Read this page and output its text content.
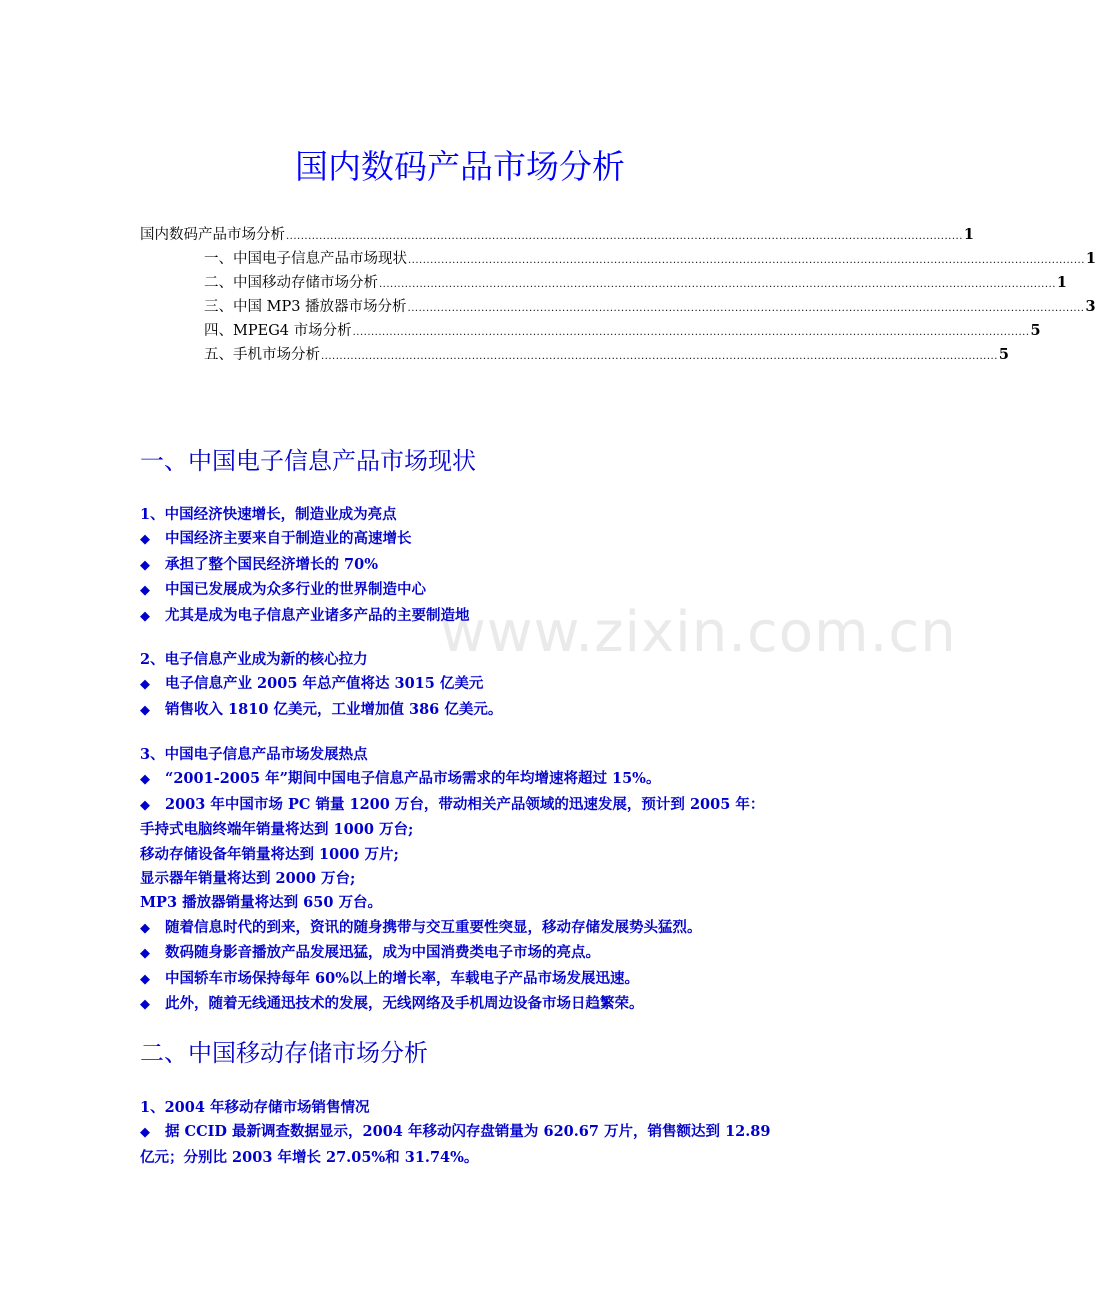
www.zixin.com.cn
国内数码产品市场分析
国内数码产品市场分析 ........................................................................................................................................................................................ 1
一、中国电子信息产品市场现状 ........................................................................................................................................................................................ 1
二、中国移动存储市场分析 ........................................................................................................................................................................................ 1
三、中国 MP3 播放器市场分析 ........................................................................................................................................................................................ 3
四、MPEG4 市场分析 ........................................................................................................................................................................................ 5
五、手机市场分析 ........................................................................................................................................................................................ 5
一、中国电子信息产品市场现状
1、中国经济快速增长，制造业成为亮点
◆ 中国经济主要来自于制造业的高速增长
◆ 承担了整个国民经济增长的 70%
◆ 中国已发展成为众多行业的世界制造中心
◆ 尤其是成为电子信息产业诸多产品的主要制造地
2、电子信息产业成为新的核心拉力
◆ 电子信息产业 2005 年总产值将达 3015 亿美元
◆ 销售收入 1810 亿美元，工业增加值 386 亿美元。
3、中国电子信息产品市场发展热点
◆ “2001-2005 年”期间中国电子信息产品市场需求的年均增速将超过 15%。
◆ 2003 年中国市场 PC 销量 1200 万台，带动相关产品领域的迅速发展，预计到 2005 年：
手持式电脑终端年销量将达到 1000 万台;
移动存储设备年销量将达到 1000 万片;
显示器年销量将达到 2000 万台;
MP3 播放器销量将达到 650 万台。
◆ 随着信息时代的到来，资讯的随身携带与交互重要性突显，移动存储发展势头猛烈。
◆ 数码随身影音播放产品发展迅猛，成为中国消费类电子市场的亮点。
◆ 中国轿车市场保持每年 60%以上的增长率，车载电子产品市场发展迅速。
◆ 此外，随着无线通迅技术的发展，无线网络及手机周边设备市场日趋繁荣。
二、中国移动存储市场分析
1、2004 年移动存储市场销售情况
◆ 据 CCID 最新调查数据显示，2004 年移动闪存盘销量为 620.67 万片，销售额达到 12.89
亿元；分别比 2003 年增长 27.05%和 31.74%。
